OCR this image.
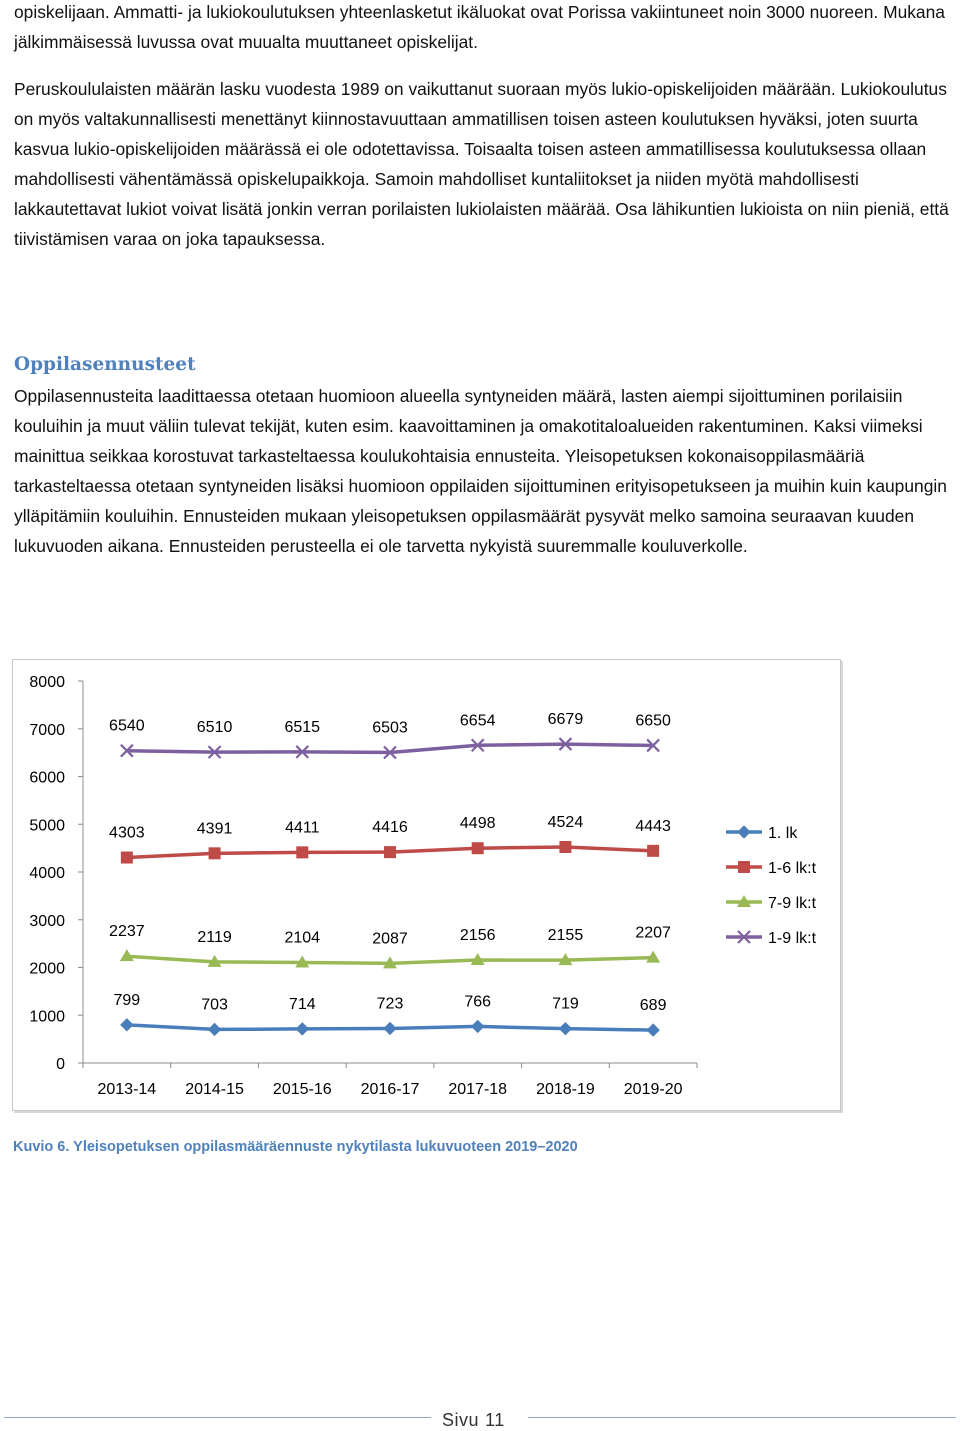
opiskelijaan. Ammatti- ja lukiokoulutuksen yhteenlasketut ikäluokat ovat Porissa vakiintuneet noin 3000 nuoreen. Mukana jälkimmäisessä luvussa ovat muualta muuttaneet opiskelijat.

Peruskoululaisten määrän lasku vuodesta 1989 on vaikuttanut suoraan myös lukio-opiskelijoiden määrään. Lukiokoulutus on myös valtakunnallisesti menettänyt kiinnostavuuttaan ammatillisen toisen asteen koulutuksen hyväksi, joten suurta kasvua lukio-opiskelijoiden määrässä ei ole odotettavissa. Toisaalta toisen asteen ammatillisessa koulutuksessa ollaan mahdollisesti vähentämässä opiskelupaikkoja. Samoin mahdolliset kuntaliitokset ja niiden myötä mahdollisesti lakkautettavat lukiot voivat lisätä jonkin verran porilaisten lukiolaisten määrää. Osa lähikuntien lukioista on niin pieniä, että tiivistämisen varaa on joka tapauksessa.

Oppilasennusteet

Oppilasennusteita laadittaessa otetaan huomioon alueella syntyneiden määrä, lasten aiempi sijoittuminen porilaisiin kouluihin ja muut väliin tulevat tekijät, kuten esim. kaavoittaminen ja omakotitaloalueiden rakentuminen. Kaksi viimeksi mainittua seikkaa korostuvat tarkasteltaessa koulukohtaisia ennusteita. Yleisopetuksen kokonaisoppilasmääriä tarkasteltaessa otetaan syntyneiden lisäksi huomioon oppilaiden sijoittuminen erityisopetukseen ja muihin kuin kaupungin ylläpitämiin kouluihin. Ennusteiden mukaan yleisopetuksen oppilasmäärät pysyvät melko samoina seuraavan kuuden lukuvuoden aikana. Ennusteiden perusteella ei ole tarvetta nykyistä suuremmalle kouluverkolle.

0
1000
2000
3000
4000
5000
6000
7000
8000
2013-14 2014-15 2015-16 2016-17 2017-18 2018-19 2019-20
799	703	714	723	766	719	689
4303	4391	4411	4416	4498	4524	4443
2237	2119	2104	2087	2156	2155	2207
6540	6510	6515	6503	6654	6679	6650
1. lk
1-6 lk:t
7-9 lk:t
1-9 lk:t

Kuvio 6. Yleisopetuksen oppilasmääräennuste nykytilasta lukuvuoteen 2019–2020

Sivu 11
